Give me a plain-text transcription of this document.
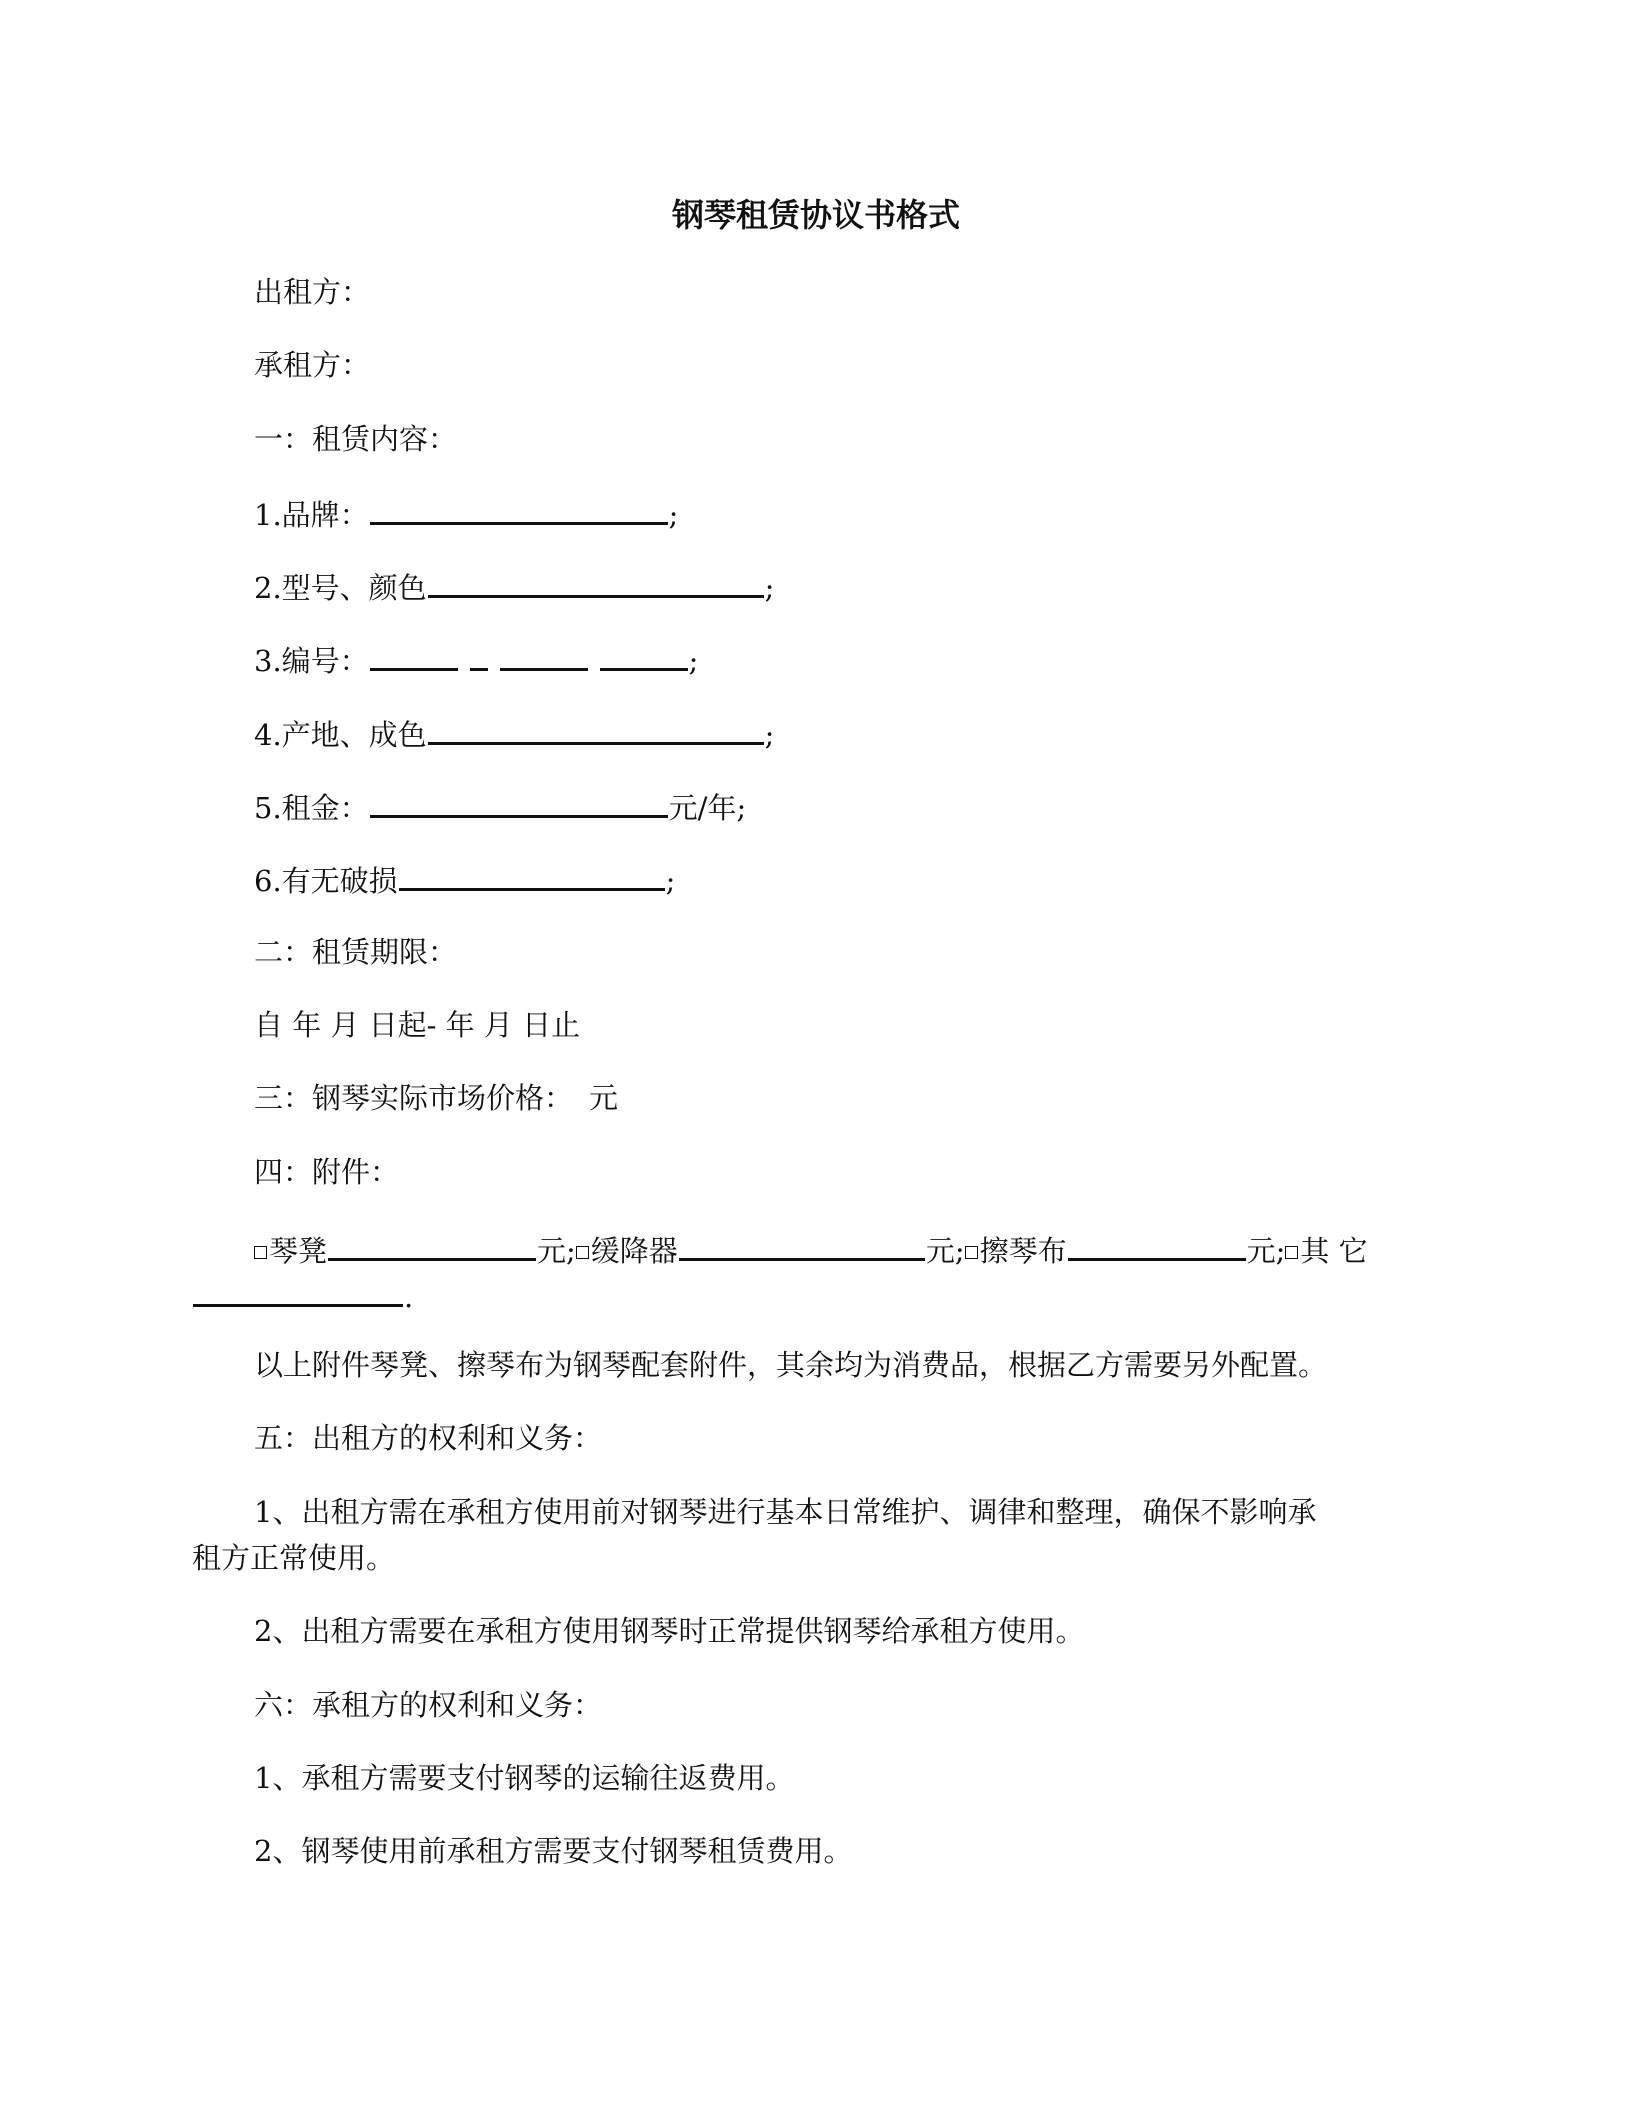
钢琴租赁协议书格式
出租方：
承租方：
一：租赁内容：
1.品牌：	;
2.型号、颜色	;
3.编号：	;
4.产地、成色	;
5.租金：	元/年;
6.有无破损	;
二：租赁期限：
自 年 月 日起- 年 月 日止
三：钢琴实际市场价格： 元
四：附件：
琴凳	元; 缓降器	元; 擦琴布	元; 其 它
.
以上附件琴凳、擦琴布为钢琴配套附件，其余均为消费品，根据乙方需要另外配置。
五：出租方的权利和义务：
1、出租方需在承租方使用前对钢琴进行基本日常维护、调律和整理，确保不影响承
租方正常使用。
2、出租方需要在承租方使用钢琴时正常提供钢琴给承租方使用。
六：承租方的权利和义务：
1、承租方需要支付钢琴的运输往返费用。
2、钢琴使用前承租方需要支付钢琴租赁费用。
